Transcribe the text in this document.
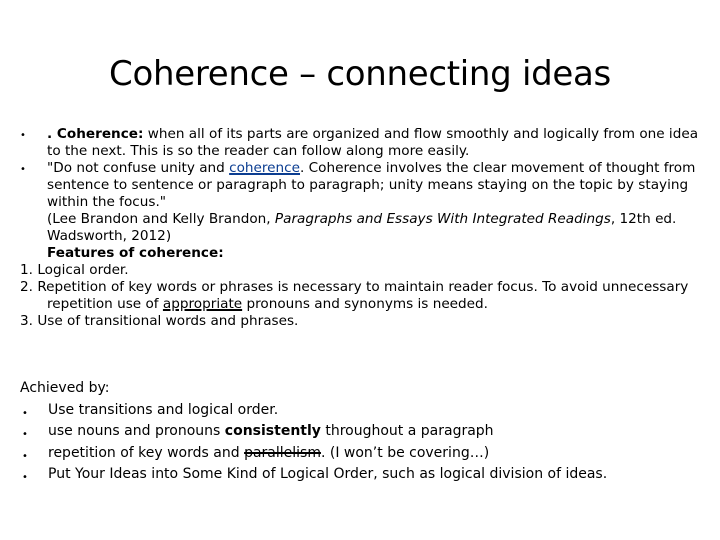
Coherence – connecting ideas
• . Coherence: when all of its parts are organized and flow smoothly and logically from one idea to the next. This is so the reader can follow along more easily.
• "Do not confuse unity and coherence. Coherence involves the clear movement of thought from sentence to sentence or paragraph to paragraph; unity means staying on the topic by staying within the focus."
(Lee Brandon and Kelly Brandon, Paragraphs and Essays With Integrated Readings, 12th ed. Wadsworth, 2012)
Features of coherence:
1. Logical order.
2. Repetition of key words or phrases is necessary to maintain reader focus. To avoid unnecessary repetition use of appropriate pronouns and synonyms is needed.
3. Use of transitional words and phrases.
Achieved by:
• Use transitions and logical order.
• use nouns and pronouns consistently throughout a paragraph
• repetition of key words and parallelism. (I won’t be covering…)
• Put Your Ideas into Some Kind of Logical Order, such as logical division of ideas.
